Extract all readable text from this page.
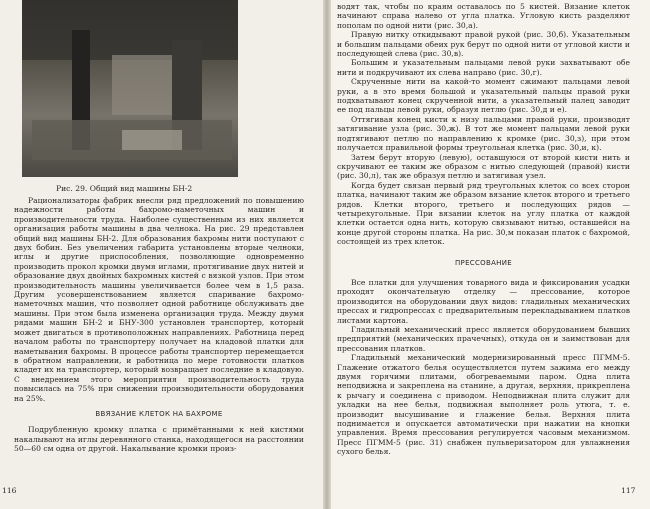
Рис. 29. Общий вид машины БН-2

Рационализаторы фабрик внесли ряд предложений по повышению надежности работы бахромо-наметочных машин и производительности труда. Наиболее существенным из них является организация работы машины в два челнока. На рис. 29 представлен общий вид машины БН-2. Для образования бахромы нити поступают с двух бобин. Без увеличения габарита установлены вторые челноки, иглы и другие приспособления, позволяющие одновременно производить прокол кромки двумя иглами, протягивание двух нитей и образование двух двойных бахромных кистей с вязкой узлов. При этом производительность машины увеличивается более чем в 1,5 раза. Другим усовершенствованием является спаривание бахромо-наметочных машин, что позволяет одной работнице обслуживать две машины. При этом была изменена организация труда. Между двумя рядами машин БН-2 и БНУ-300 установлен транспортер, который может двигаться в противоположных направлениях. Работница перед началом работы по транспортеру получает на кладовой платки для наметывания бахромы. В процессе работы транспортер перемещается в обратном направлении, и работница по мере готовности платков кладет их на транспортер, который возвращает последние в кладовую. С внедрением этого мероприятия производительность труда повысилась на 75% при снижении производительности оборудования на 25%.

ВВЯЗАНИЕ КЛЕТОК НА БАХРОМЕ

Подрубленную кромку платка с примётанными к ней кистями накалывают на иглы деревянного станка, находящегося на расстоянии 50—60 см одна от другой. Накалывание кромки произ-

116

водят так, чтобы по краям оставалось по 5 кистей. Вязание клеток начинают справа налево от угла платка. Угловую кисть разделяют пополам по одной нити (рис. 30,а).

Правую нитку откидывают правой рукой (рис. 30,б). Указательным и большим пальцами обеих рук берут по одной нити от угловой кисти и последующей слева (рис. 30,в).

Большим и указательным пальцами левой руки захватывают обе нити и подкручивают их слева направо (рис. 30,г).

Скрученные нити на какой-то момент сжимают пальцами левой руки, а в это время большой и указательный пальцы правой руки подхватывают конец скрученной нити, а указательный палец заводит ее под пальцы левой руки, образуя петлю (рис. 30,д и е).

Оттягивая конец кисти к низу пальцами правой руки, производят затягивание узла (рис. 30,ж). В тот же момент пальцами левой руки подтягивают петлю по направлению к кромке (рис. 30,з), при этом получается правильной формы треугольная клетка (рис. 30,и, к).

Затем берут вторую (левую), оставшуюся от второй кисти нить и скручивают ее таким же образом с нитью следующей (правой) кисти (рис. 30,л), так же образуя петлю и затягивая узел.

Когда будет связан первый ряд треугольных клеток со всех сторон платка, начинают таким же образом вязание клеток второго и третьего рядов. Клетки второго, третьего и последующих рядов — четырехугольные. При вязании клеток на углу платка от каждой клетки остается одна нить, которую связывают нитью, оставшейся на конце другой стороны платка. На рис. 30,м показан платок с бахромой, состоящей из трех клеток.

ПРЕССОВАНИЕ

Все платки для улучшения товарного вида и фиксирования усадки проходят окончательную отделку — прессование, которое производится на оборудовании двух видов: гладильных механических прессах и гидропрессах с предварительным перекладыванием платков листами картона.

Гладильный механический пресс является оборудованием бывших предприятий (механических прачечных), откуда он и заимствован для прессования платков.

Гладильный механический модернизированный пресс ПГММ-5. Глажение отжатого белья осуществляется путем зажима его между двумя горячими плитами, обогреваемыми паром. Одна плита неподвижна и закреплена на станине, а другая, верхняя, прикреплена к рычагу и соединена с приводом. Неподвижная плита служит для укладки на нее белья, подвижная выполняет роль утюга, т. е. производит высушивание и глажение белья. Верхняя плита поднимается и опускается автоматически при нажатии на кнопки управления. Время прессования регулируется часовым механизмом. Пресс ПГММ-5 (рис. 31) снабжен пульверизатором для увлажнения сухого белья.

117
